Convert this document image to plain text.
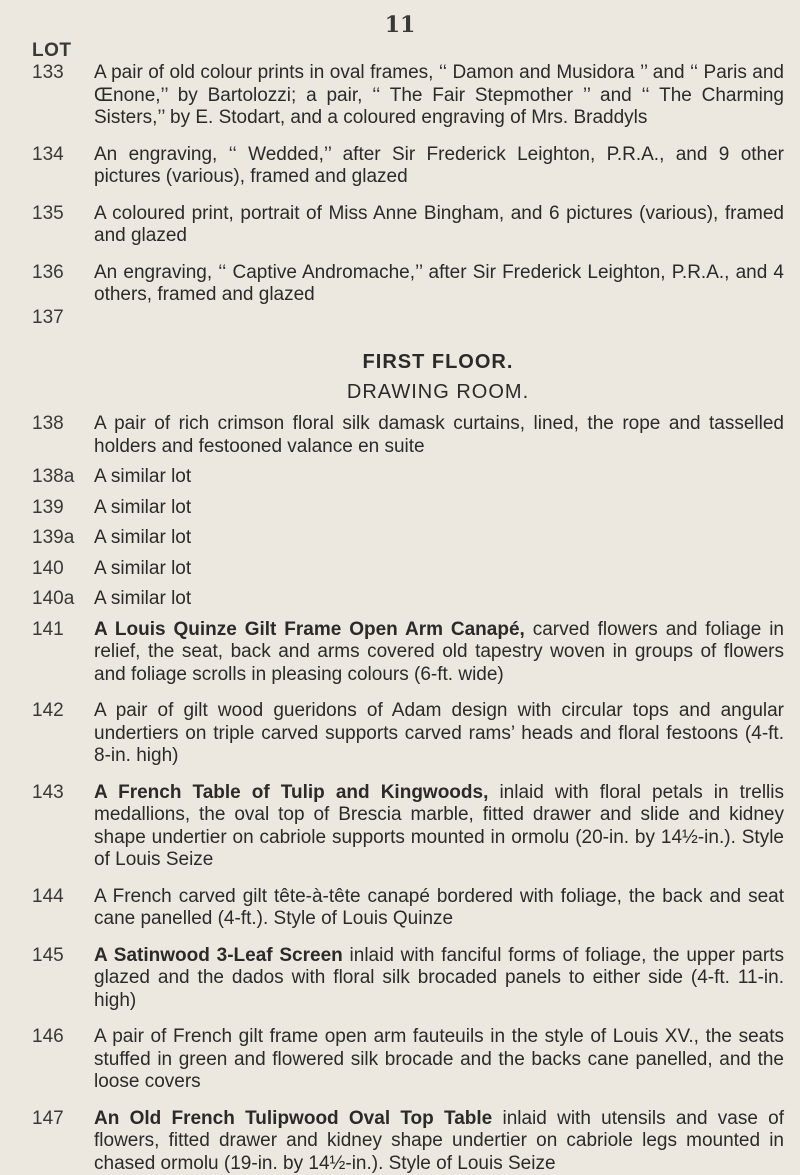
11
LOT
133	A pair of old colour prints in oval frames, ‘‘ Damon and Musidora ’’ and ‘‘ Paris and Œnone,’’ by Bartolozzi; a pair, ‘‘ The Fair Stepmother ’’ and ‘‘ The Charming Sisters,’’ by E. Stodart, and a coloured engraving of Mrs. Braddyls
134	An engraving, ‘‘ Wedded,’’ after Sir Frederick Leighton, P.R.A., and 9 other pictures (various), framed and glazed
135	A coloured print, portrait of Miss Anne Bingham, and 6 pictures (various), framed and glazed
136	An engraving, ‘‘ Captive Andromache,’’ after Sir Frederick Leighton, P.R.A., and 4 others, framed and glazed
137
FIRST FLOOR.
DRAWING ROOM.
138	A pair of rich crimson floral silk damask curtains, lined, the rope and tasselled holders and festooned valance en suite
138a	A similar lot
139	A similar lot
139a	A similar lot
140	A similar lot
140a	A similar lot
141	A Louis Quinze Gilt Frame Open Arm Canapé, carved flowers and foliage in relief, the seat, back and arms covered old tapestry woven in groups of flowers and foliage scrolls in pleasing colours (6-ft. wide)
142	A pair of gilt wood gueridons of Adam design with circular tops and angular undertiers on triple carved supports carved rams’ heads and floral festoons (4-ft. 8-in. high)
143	A French Table of Tulip and Kingwoods, inlaid with floral petals in trellis medallions, the oval top of Brescia marble, fitted drawer and slide and kidney shape undertier on cabriole supports mounted in ormolu (20-in. by 14½-in.). Style of Louis Seize
144	A French carved gilt tête-à-tête canapé bordered with foliage, the back and seat cane panelled (4-ft.). Style of Louis Quinze
145	A Satinwood 3-Leaf Screen inlaid with fanciful forms of foliage, the upper parts glazed and the dados with floral silk brocaded panels to either side (4-ft. 11-in. high)
146	A pair of French gilt frame open arm fauteuils in the style of Louis XV., the seats stuffed in green and flowered silk brocade and the backs cane panelled, and the loose covers
147	An Old French Tulipwood Oval Top Table inlaid with utensils and vase of flowers, fitted drawer and kidney shape undertier on cabriole legs mounted in chased ormolu (19-in. by 14½-in.). Style of Louis Seize
